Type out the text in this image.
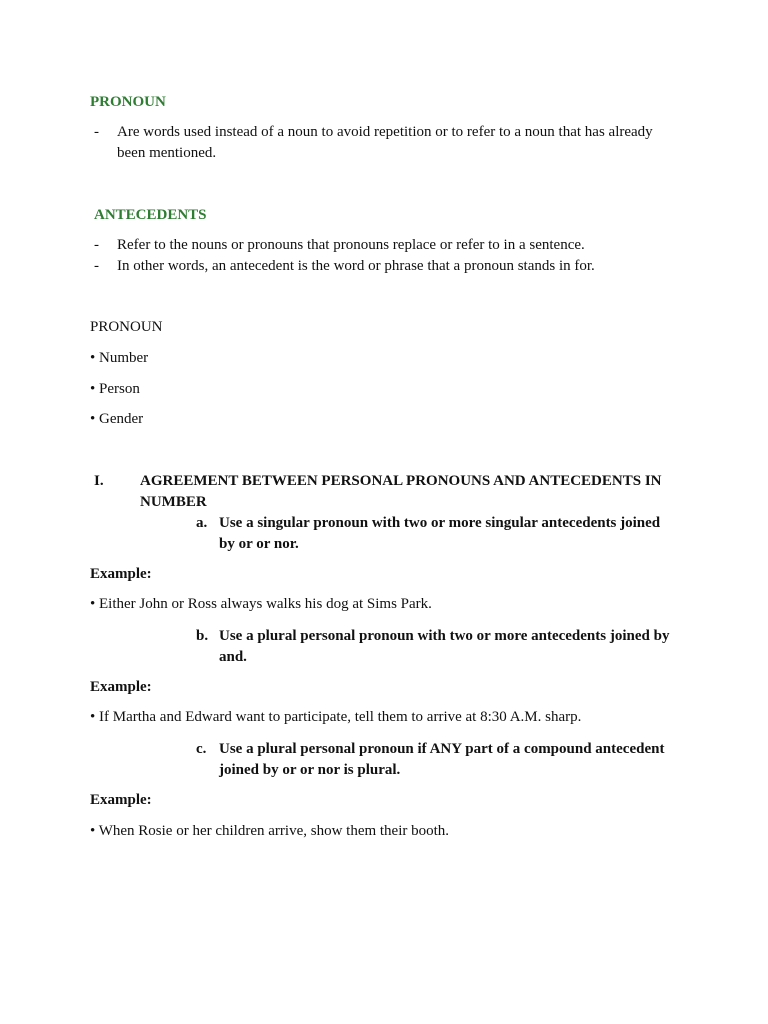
PRONOUN
- Are words used instead of a noun to avoid repetition or to refer to a noun that has already been mentioned.
ANTECEDENTS
- Refer to the nouns or pronouns that pronouns replace or refer to in a sentence.
- In other words, an antecedent is the word or phrase that a pronoun stands in for.
PRONOUN
• Number
• Person
• Gender
I. AGREEMENT BETWEEN PERSONAL PRONOUNS AND ANTECEDENTS IN NUMBER
a. Use a singular pronoun with two or more singular antecedents joined by or or nor.
Example:
• Either John or Ross always walks his dog at Sims Park.
b. Use a plural personal pronoun with two or more antecedents joined by and.
Example:
• If Martha and Edward want to participate, tell them to arrive at 8:30 A.M. sharp.
c. Use a plural personal pronoun if ANY part of a compound antecedent joined by or or nor is plural.
Example:
• When Rosie or her children arrive, show them their booth.
